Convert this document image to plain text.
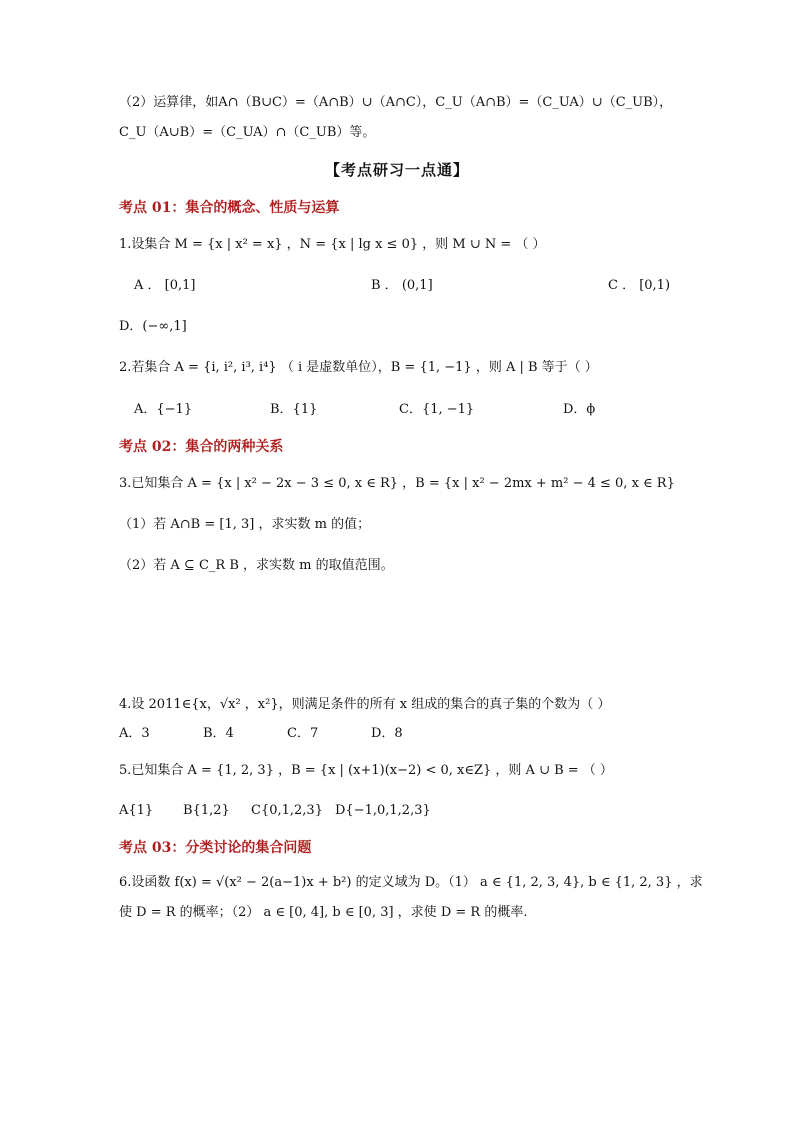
（2）运算律，如A∩（B∪C）=（A∩B）∪（A∩C），C_U（A∩B）=（C_UA）∪（C_UB），
C_U（A∪B）=（C_UA）∩（C_UB）等。
【考点研习一点通】
考点 01：集合的概念、性质与运算
1.设集合 M = {x | x² = x} ，N = {x | lg x ≤ 0} ，则 M ∪ N = （ ）
A ． [0,1]	B ． (0,1]	C ． [0,1)
D．(−∞,1]
2.若集合 A = {i, i², i³, i⁴} （ i 是虚数单位），B = {1, −1} ，则 A | B 等于（ ）
A．{−1}	B．{1}	C．{1, −1}	D．ϕ
考点 02：集合的两种关系
3.已知集合 A = {x | x² − 2x − 3 ≤ 0, x ∈ R} ，B = {x | x² − 2mx + m² − 4 ≤ 0, x ∈ R}
（1）若 A∩B = [1, 3] ，求实数 m 的值；
（2）若 A ⊆ C_R B ，求实数 m 的取值范围。
4.设 2011∈{x，√x² ，x²}，则满足条件的所有 x 组成的集合的真子集的个数为（ ）
A．3	B．4	C．7	D．8
5.已知集合 A = {1, 2, 3} ，B = {x | (x+1)(x−2) < 0, x∈Z} ，则 A ∪ B = （ ）
A{1} B{1,2} C{0,1,2,3} D{−1,0,1,2,3}
考点 03：分类讨论的集合问题
6.设函数 f(x) = √(x² − 2(a−1)x + b²) 的定义域为 D。（1） a ∈ {1, 2, 3, 4}, b ∈ {1, 2, 3} ，求
使 D = R 的概率；（2） a ∈ [0, 4], b ∈ [0, 3] ，求使 D = R 的概率.
